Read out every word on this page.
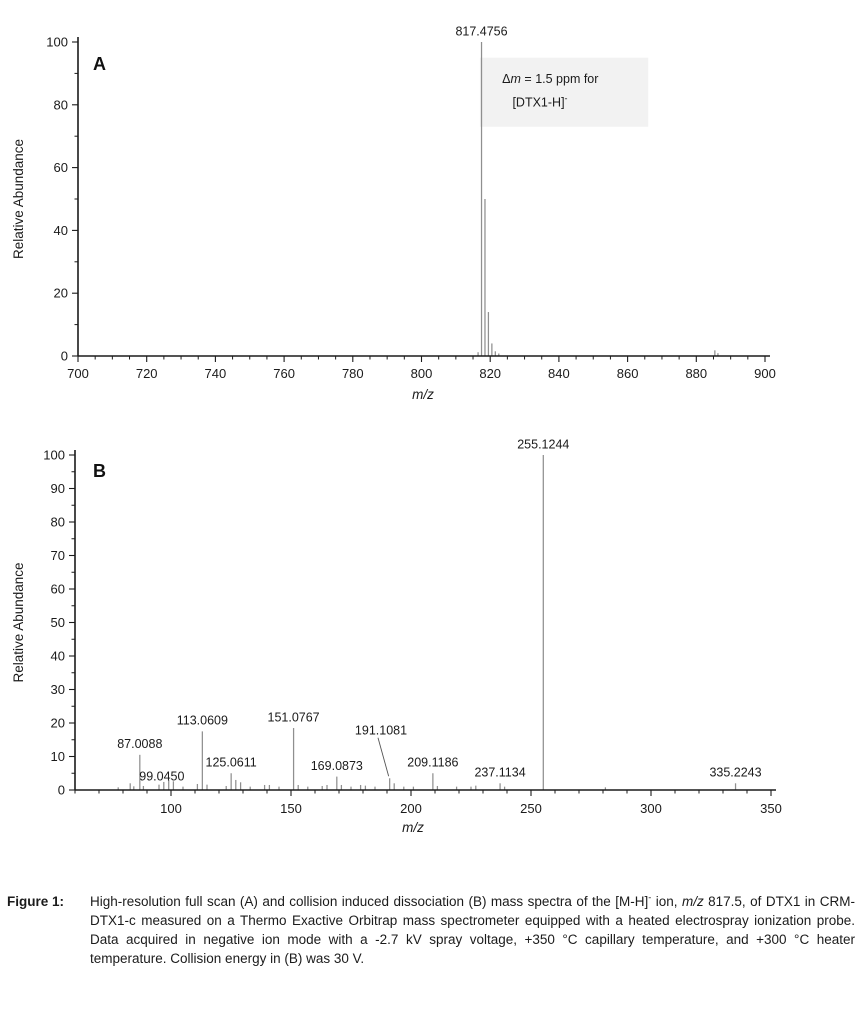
817.4756
700	720	740	760	780	800	820	840	860	880	900
0
20
40
60
80
100
m/z
Relative Abundance
A
Δm = 1.5 ppm for
[DTX1-H]-
87.0088
99.0450
113.0609
125.0611
151.0767
169.0873
191.1081
209.1186
237.1134
255.1244
335.2243
100	150	200	250	300	350
0
10
20
30
40
50
60
70
80
90
100
m/z
Relative Abundance
B
Figure 1:	High-resolution full scan (A) and collision induced dissociation (B) mass spectra of the [M-H]- ion, m/z 817.5, of DTX1 in CRM-DTX1-c measured on a Thermo Exactive Orbitrap mass spectrometer equipped with a heated electrospray ionization probe. Data acquired in negative ion mode with a -2.7 kV spray voltage, +350 °C capillary temperature, and +300 °C heater temperature. Collision energy in (B) was 30 V.
